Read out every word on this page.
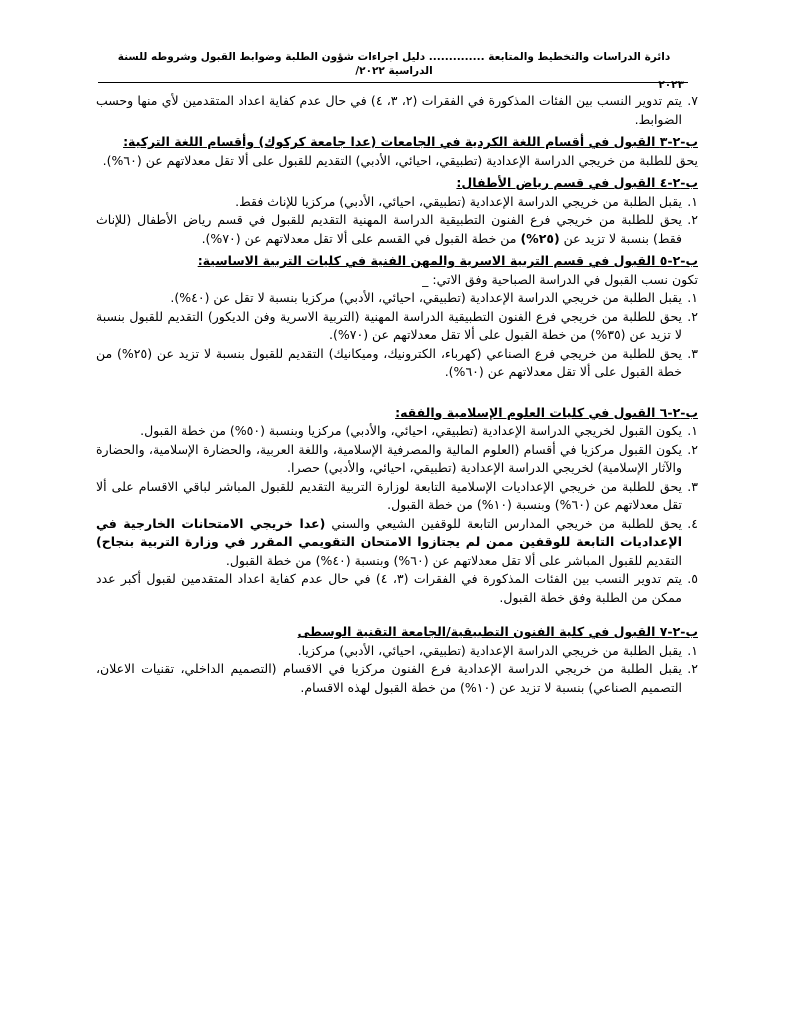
دائرة الدراسات والتخطيط والمتابعة .............. دليل اجراءات شؤون الطلبة وضوابط القبول وشروطه للسنة الدراسية ٢٠٢٢/
٢٠٢٣
٧.
يتم تدوير النسب بين الفئات المذكورة في الفقرات (٢، ٣، ٤) في حال عدم كفاية اعداد المتقدمين لأي منها وحسب الضوابط.
ب-٢-٣ القبول في أقسام اللغة الكردية في الجامعات (عدا جامعة كركوك) وأقسام اللغة التركية:

يحق للطلبة من خريجي الدراسة الإعدادية (تطبيقي، احيائي، الأدبي) التقديم للقبول على ألا تقل معدلاتهم عن (٦٠%).

ب-٢-٤ القبول في قسم رياض الأطفال:
١.
يقبل الطلبة من خريجي الدراسة الإعدادية (تطبيقي، احيائي، الأدبي) مركزيا للإناث فقط.
٢.
يحق للطلبة من خريجي فرع الفنون التطبيقية الدراسة المهنية التقديم للقبول في قسم رياض الأطفال (للإناث فقط) بنسبة لا تزيد عن (٢٥%) من خطة القبول في القسم على ألا تقل معدلاتهم عن (٧٠%).
ب-٢-٥ القبول في قسم التربية الاسرية والمهن الفنية في كليات التربية الاساسية:

تكون نسب القبول في الدراسة الصباحية وفق الاتي: _

١.
يقبل الطلبة من خريجي الدراسة الإعدادية (تطبيقي، احيائي، الأدبي) مركزيا بنسبة لا تقل عن (٤٠%).
٢.
يحق للطلبة من خريجي فرع الفنون التطبيقية الدراسة المهنية (التربية الاسرية وفن الديكور) التقديم للقبول بنسبة لا تزيد عن (٣٥%) من خطة القبول على ألا تقل معدلاتهم عن (٧٠%).
٣.
يحق للطلبة من خريجي فرع الصناعي (كهرباء، الكترونيك، وميكانيك) التقديم للقبول بنسبة لا تزيد عن (٢٥%) من خطة القبول على ألا تقل معدلاتهم عن (٦٠%).
ب-٢-٦ القبول في كليات العلوم الإسلامية والفقه:
١.
يكون القبول لخريجي الدراسة الإعدادية (تطبيقي، احيائي، والأدبي) مركزيا وبنسبة (٥٠%) من خطة القبول.
٢.
يكون القبول مركزيا في أقسام (العلوم المالية والمصرفية الإسلامية، واللغة العربية، والحضارة الإسلامية، والحضارة والآثار الإسلامية) لخريجي الدراسة الإعدادية (تطبيقي، احيائي، والأدبي) حصرا.
٣.
يحق للطلبة من خريجي الإعداديات الإسلامية التابعة لوزارة التربية التقديم للقبول المباشر لباقي الاقسام على ألا تقل معدلاتهم عن (٦٠%) وبنسبة (١٠%) من خطة القبول.
٤.
يحق للطلبة من خريجي المدارس التابعة للوقفين الشيعي والسني (عدا خريجي الامتحانات الخارجية في الإعداديات التابعة للوقفين ممن لم يجتازوا الامتحان التقويمي المقرر في وزارة التربية بنجاح) التقديم للقبول المباشر على ألا تقل معدلاتهم عن (٦٠%) وبنسبة (٤٠%) من خطة القبول.
٥.
يتم تدوير النسب بين الفئات المذكورة في الفقرات (٣، ٤) في حال عدم كفاية اعداد المتقدمين لقبول أكبر عدد ممكن من الطلبة وفق خطة القبول.
ب-٢-٧ القبول في كلية الفنون التطبيقية/الجامعة التقنية الوسطى
١.
يقبل الطلبة من خريجي الدراسة الإعدادية (تطبيقي، احيائي، الأدبي) مركزيا.
٢.
يقبل الطلبة من خريجي الدراسة الإعدادية فرع الفنون مركزيا في الاقسام (التصميم الداخلي، تقنيات الاعلان، التصميم الصناعي) بنسبة لا تزيد عن (١٠%) من خطة القبول لهذه الاقسام.
